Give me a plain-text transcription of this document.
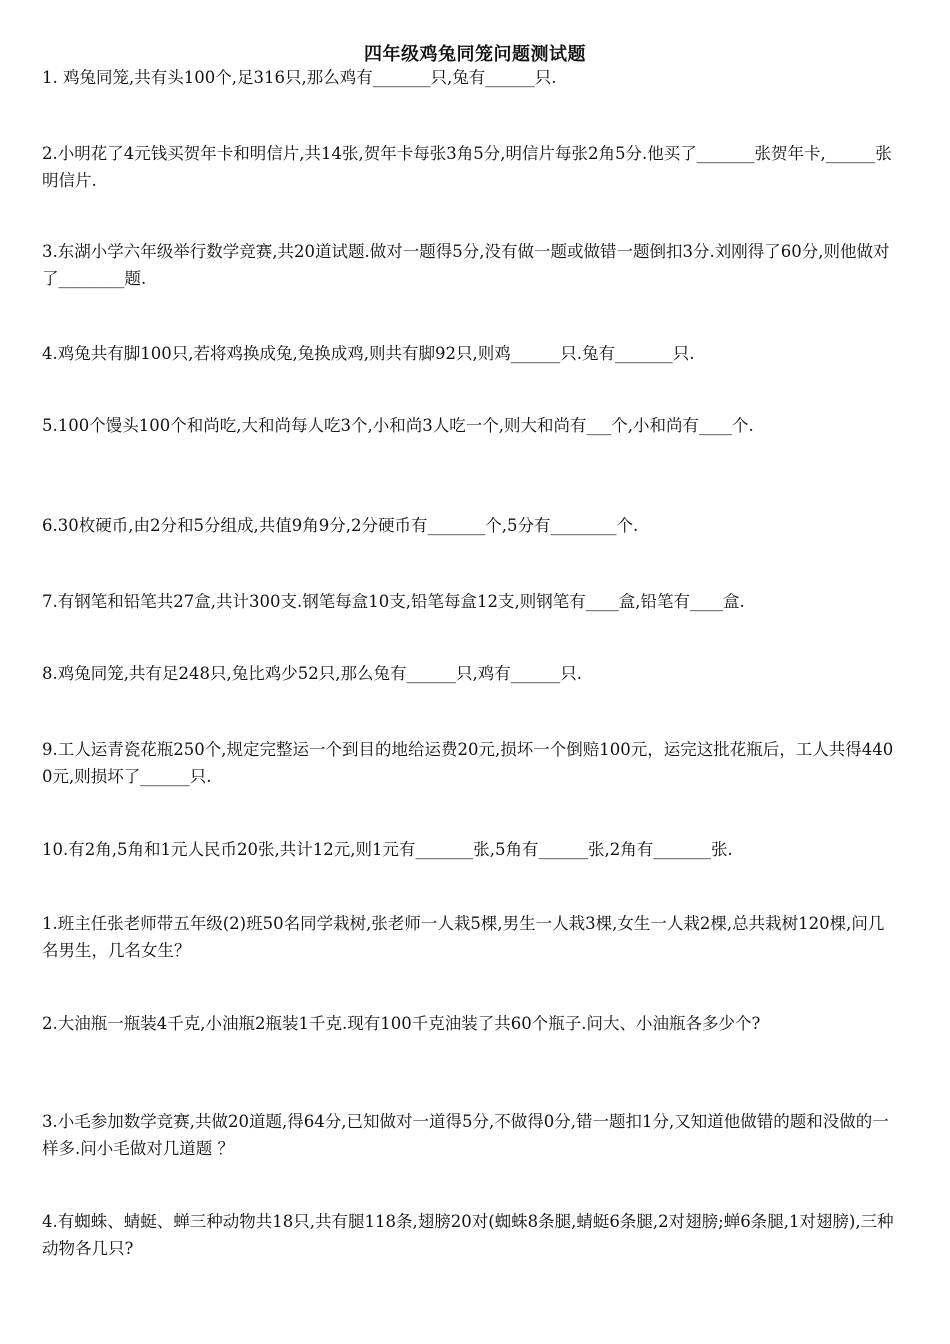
四年级鸡兔同笼问题测试题
1. 鸡兔同笼,共有头100个,足316只,那么鸡有_______只,兔有______只.
2.小明花了4元钱买贺年卡和明信片,共14张,贺年卡每张3角5分,明信片每张2角5分.他买了_______张贺年卡,______张明信片.
3.东湖小学六年级举行数学竞赛,共20道试题.做对一题得5分,没有做一题或做错一题倒扣3分.刘刚得了60分,则他做对了________题.
4.鸡兔共有脚100只,若将鸡换成兔,兔换成鸡,则共有脚92只,则鸡______只.兔有_______只.
5.100个馒头100个和尚吃,大和尚每人吃3个,小和尚3人吃一个,则大和尚有___个,小和尚有____个.
6.30枚硬币,由2分和5分组成,共值9角9分,2分硬币有_______个,5分有________个.
7.有钢笔和铅笔共27盒,共计300支.钢笔每盒10支,铅笔每盒12支,则钢笔有____盒,铅笔有____盒.
8.鸡兔同笼,共有足248只,兔比鸡少52只,那么兔有______只,鸡有______只.
9.工人运青瓷花瓶250个,规定完整运一个到目的地给运费20元,损坏一个倒赔100元，运完这批花瓶后，工人共得4400元,则损坏了______只.
10.有2角,5角和1元人民币20张,共计12元,则1元有_______张,5角有______张,2角有_______张.
1.班主任张老师带五年级(2)班50名同学栽树,张老师一人栽5棵,男生一人栽3棵,女生一人栽2棵,总共栽树120棵,问几名男生，几名女生？
2.大油瓶一瓶装4千克,小油瓶2瓶装1千克.现有100千克油装了共60个瓶子.问大、小油瓶各多少个?
3.小毛参加数学竞赛,共做20道题,得64分,已知做对一道得5分,不做得0分,错一题扣1分,又知道他做错的题和没做的一样多.问小毛做对几道题 ？
4.有蜘蛛、蜻蜓、蝉三种动物共18只,共有腿118条,翅膀20对(蜘蛛8条腿,蜻蜓6条腿,2对翅膀;蝉6条腿,1对翅膀),三种动物各几只?
